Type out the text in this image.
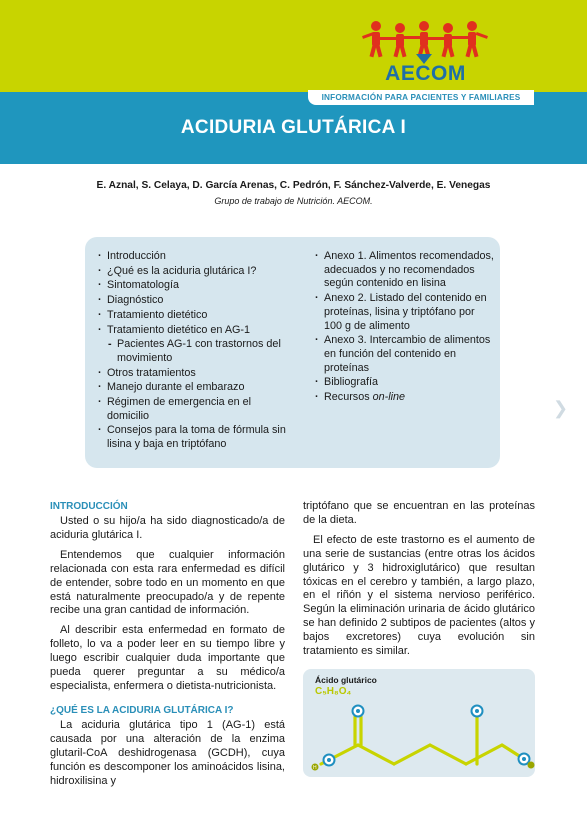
AECOM
INFORMACIÓN PARA PACIENTES Y FAMILIARES
ACIDURIA GLUTÁRICA I
E. Aznal, S. Celaya, D. García Arenas, C. Pedrón, F. Sánchez-Valverde, E. Venegas
Grupo de trabajo de Nutrición. AECOM.
· Introducción
· ¿Qué es la aciduria glutárica I?
· Sintomatología
· Diagnóstico
· Tratamiento dietético
· Tratamiento dietético en AG-1
- Pacientes AG-1 con trastornos del movimiento
· Otros tratamientos
· Manejo durante el embarazo
· Régimen de emergencia en el domicilio
· Consejos para la toma de fórmula sin lisina y baja en triptófano
· Anexo 1. Alimentos recomendados, adecuados y no recomendados según contenido en lisina
· Anexo 2. Listado del contenido en proteínas, lisina y triptófano por 100 g de alimento
· Anexo 3. Intercambio de alimentos en función del contenido en proteínas
· Bibliografía
· Recursos on-line
❯
INTRODUCCIÓN

Usted o su hijo/a ha sido diagnosticado/a de aciduria glutárica I.

Entendemos que cualquier información relacionada con esta rara enfermedad es difícil de entender, sobre todo en un momento en que está naturalmente preocupado/a y de repente recibe una gran cantidad de información.

Al describir esta enfermedad en formato de folleto, lo va a poder leer en su tiempo libre y luego escribir cualquier duda importante que pueda querer preguntar a su médico/a especialista, enfermera o dietista-nutricionista.

¿QUÉ ES LA ACIDURIA GLUTÁRICA I?

La aciduria glutárica tipo 1 (AG-1) está causada por una alteración de la enzima glutaril-CoA deshidrogenasa (GCDH), cuya función es descomponer los aminoácidos lisina, hidroxilisina y

triptófano que se encuentran en las proteínas de la dieta.

El efecto de este trastorno es el aumento de una serie de sustancias (entre otras los ácidos glutárico y 3 hidroxiglutárico) que resultan tóxicas en el cerebro y también, a largo plazo, en el riñón y el sistema nervioso periférico. Según la eliminación urinaria de ácido glutárico se han definido 2 subtipos de pacientes (altos y bajos excretores) cuya evolución sin tratamiento es similar.

H
Ácido glutárico
C₅H₈O₄
